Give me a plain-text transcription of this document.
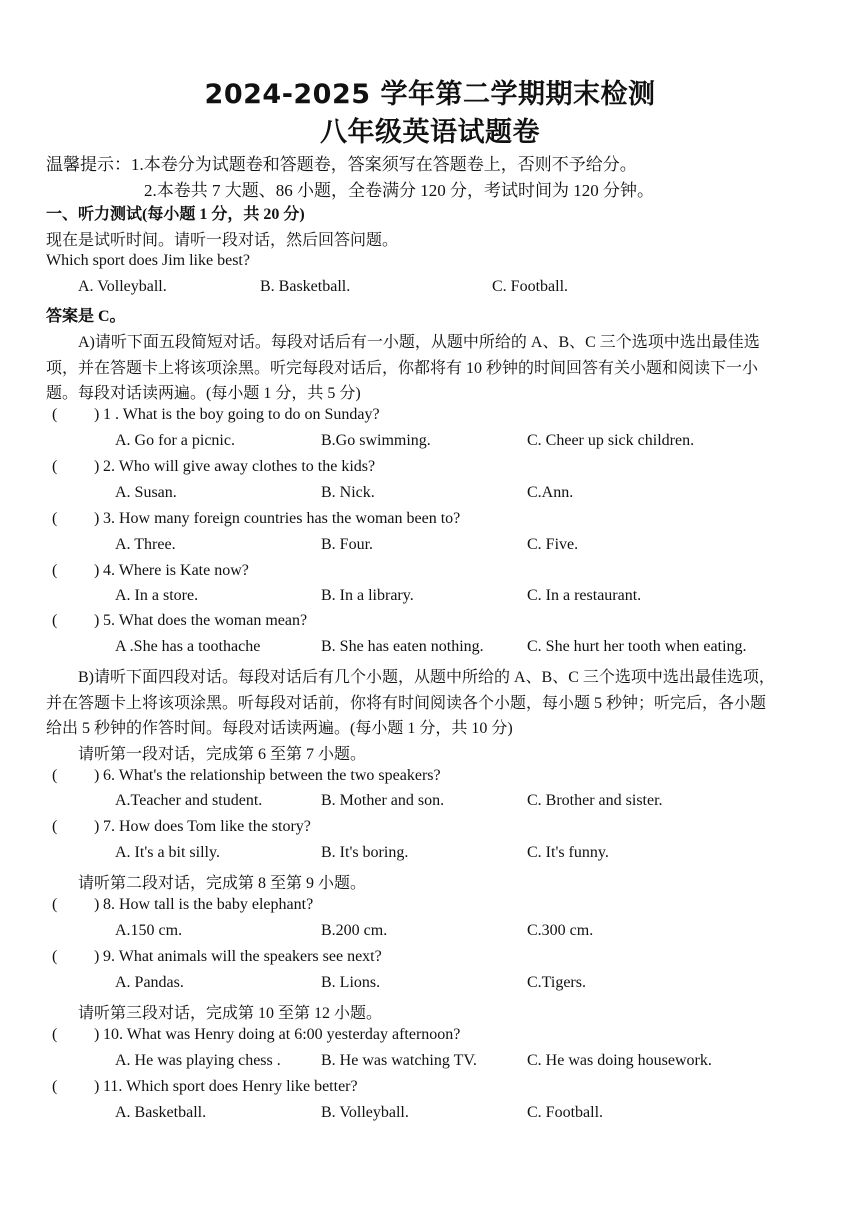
2024-2025 学年第二学期期末检测
八年级英语试题卷
温馨提示：1.本卷分为试题卷和答题卷，答案须写在答题卷上，否则不予给分。
2.本卷共 7 大题、86 小题，全卷满分 120 分，考试时间为 120 分钟。
一、听力测试(每小题 1 分，共 20 分)
现在是试听时间。请听一段对话，然后回答问题。
Which sport does Jim like best?
A. Volleyball.	B. Basketball.	C. Football.
答案是 C。
A)请听下面五段简短对话。每段对话后有一小题，从题中所给的 A、B、C 三个选项中选出最佳选
项，并在答题卡上将该项涂黑。听完每段对话后，你都将有 10 秒钟的时间回答有关小题和阅读下一小
题。每段对话读两遍。(每小题 1 分，共 5 分)
( ) 1 . What is the boy going to do on Sunday?
A. Go for a picnic.	B.Go swimming.	C. Cheer up sick children.
( ) 2. Who will give away clothes to the kids?
A. Susan.	B. Nick.	C.Ann.
( ) 3. How many foreign countries has the woman been to?
A. Three.	B. Four.	C. Five.
( ) 4. Where is Kate now?
A. In a store.	B. In a library.	C. In a restaurant.
( ) 5. What does the woman mean?
A .She has a toothache	B. She has eaten nothing.	C. She hurt her tooth when eating.
B)请听下面四段对话。每段对话后有几个小题，从题中所给的 A、B、C 三个选项中选出最佳选项，
并在答题卡上将该项涂黑。听每段对话前，你将有时间阅读各个小题，每小题 5 秒钟；听完后，各小题
给出 5 秒钟的作答时间。每段对话读两遍。(每小题 1 分，共 10 分)
请听第一段对话，完成第 6 至第 7 小题。
( ) 6. What's the relationship between the two speakers?
A.Teacher and student.	B. Mother and son.	C. Brother and sister.
( ) 7. How does Tom like the story?
A. It's a bit silly.	B. It's boring.	C. It's funny.
请听第二段对话，完成第 8 至第 9 小题。
( ) 8. How tall is the baby elephant?
A.150 cm.	B.200 cm.	C.300 cm.
( ) 9. What animals will the speakers see next?
A. Pandas.	B. Lions.	C.Tigers.
请听第三段对话，完成第 10 至第 12 小题。
( ) 10. What was Henry doing at 6:00 yesterday afternoon?
A. He was playing chess .	B. He was watching TV.	C. He was doing housework.
( ) 11. Which sport does Henry like better?
A. Basketball.	B. Volleyball.	C. Football.
